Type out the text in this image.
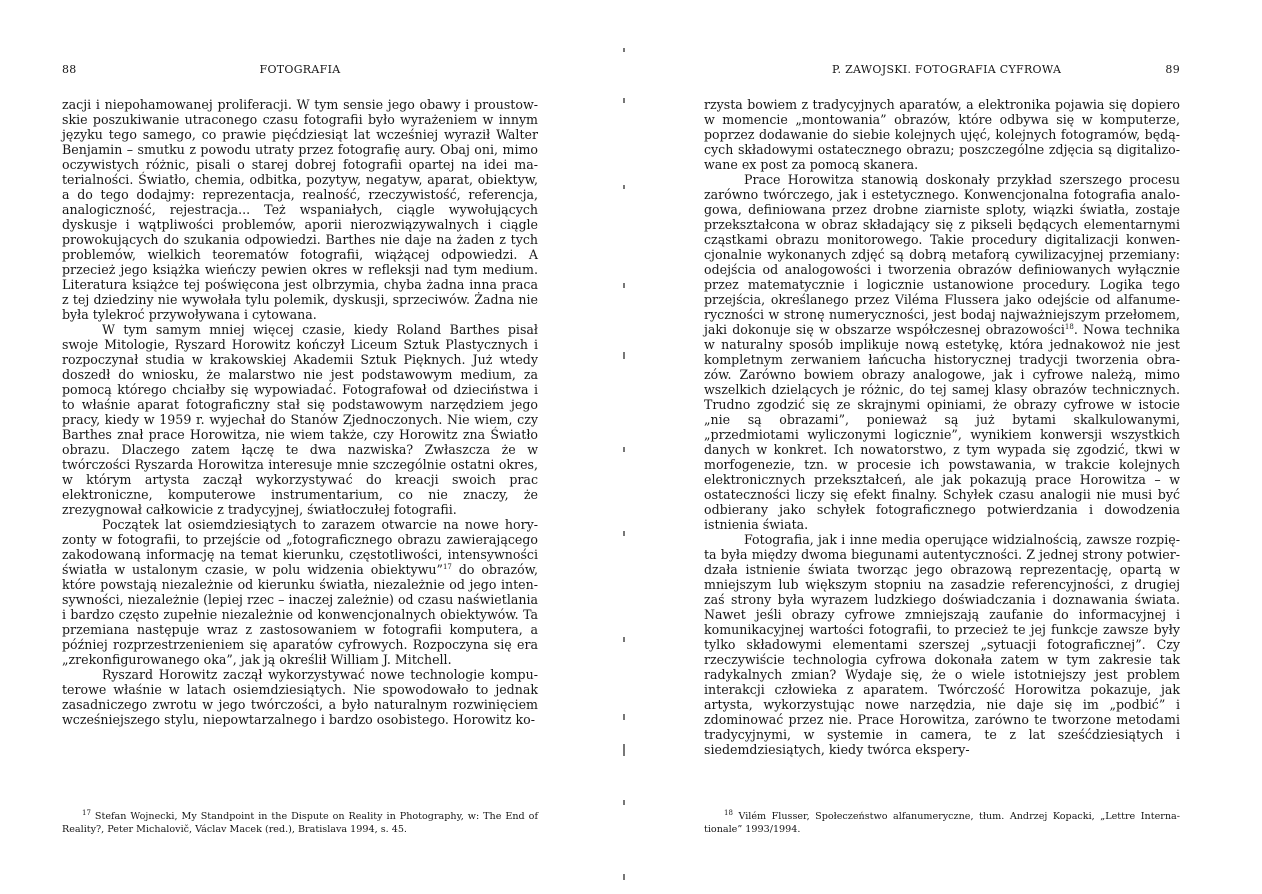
88	FOTOGRAFIA

zacji i niepohamowanej proliferacji. W tym sensie jego obawy i proustowskie poszukiwanie utraconego czasu fotografii było wyrażeniem w innym języku tego samego, co prawie pięćdziesiąt lat wcześniej wyraził Walter Benjamin – smutku z powodu utraty przez fotografię aury. Obaj oni, mimo oczywistych różnic, pisali o starej dobrej fotografii opartej na idei materialności. Światło, chemia, odbitka, pozytyw, negatyw, aparat, obiektyw, a do tego dodajmy: reprezentacja, realność, rzeczywistość, referencja, analogiczność, rejestracja... Też wspaniałych, ciągle wywołujących dyskusje i wątpliwości problemów, aporii nierozwiązywalnych i ciągle prowokujących do szukania odpowiedzi. Barthes nie daje na żaden z tych problemów, wielkich teorematów fotografii, wiążącej odpowiedzi. A przecież jego książka wieńczy pewien okres w refleksji nad tym medium. Literatura książce tej poświęcona jest olbrzymia, chyba żadna inna praca z tej dziedziny nie wywołała tylu polemik, dyskusji, sprzeciwów. Żadna nie była tylekroć przywoływana i cytowana.

W tym samym mniej więcej czasie, kiedy Roland Barthes pisał swoje Mitologie, Ryszard Horowitz kończył Liceum Sztuk Plastycznych i rozpoczynał studia w krakowskiej Akademii Sztuk Pięknych. Już wtedy doszedł do wniosku, że malarstwo nie jest podstawowym medium, za pomocą którego chciałby się wypowiadać. Fotografował od dzieciństwa i to właśnie aparat fotograficzny stał się podstawowym narzędziem jego pracy, kiedy w 1959 r. wyjechał do Stanów Zjednoczonych. Nie wiem, czy Barthes znał prace Horowitza, nie wiem także, czy Horowitz zna Światło obrazu. Dlaczego zatem łączę te dwa nazwiska? Zwłaszcza że w twórczości Ryszarda Horowitza interesuje mnie szczególnie ostatni okres, w którym artysta zaczął wykorzystywać do kreacji swoich prac elektroniczne, komputerowe instrumentarium, co nie znaczy, że zrezygnował całkowicie z tradycyjnej, światłoczułej fotografii.

Początek lat osiemdziesiątych to zarazem otwarcie na nowe horyzonty w fotografii, to przejście od „fotograficznego obrazu zawierającego zakodowaną informację na temat kierunku, częstotliwości, intensywności światła w ustalonym czasie, w polu widzenia obiektywu”$^{17}$ do obrazów, które powstają niezależnie od kierunku światła, niezależnie od jego intensywności, niezależnie (lepiej rzec – inaczej zależnie) od czasu naświetlania i bardzo często zupełnie niezależnie od konwencjonalnych obiektywów. Ta przemiana następuje wraz z zastosowaniem w fotografii komputera, a później rozprzestrzenieniem się aparatów cyfrowych. Rozpoczyna się era „zrekonfigurowanego oka”, jak ją określił William J. Mitchell.

Ryszard Horowitz zaczął wykorzystywać nowe technologie komputerowe właśnie w latach osiemdziesiątych. Nie spowodowało to jednak zasadniczego zwrotu w jego twórczości, a było naturalnym rozwinięciem wcześniejszego stylu, niepowtarzalnego i bardzo osobistego. Horowitz ko-

$^{17}$ Stefan Wojnecki, My Standpoint in the Dispute on Reality in Photography, w: The End of Reality?, Peter Michalovič, Václav Macek (red.), Bratislava 1994, s. 45.

P. ZAWOJSKI. FOTOGRAFIA CYFROWA	89

rzysta bowiem z tradycyjnych aparatów, a elektronika pojawia się dopiero w momencie „montowania” obrazów, które odbywa się w komputerze, poprzez dodawanie do siebie kolejnych ujęć, kolejnych fotogramów, będących składowymi ostatecznego obrazu; poszczególne zdjęcia są digitalizowane ex post za pomocą skanera.

Prace Horowitza stanowią doskonały przykład szerszego procesu zarówno twórczego, jak i estetycznego. Konwencjonalna fotografia analogowa, definiowana przez drobne ziarniste sploty, wiązki światła, zostaje przekształcona w obraz składający się z pikseli będących elementarnymi cząstkami obrazu monitorowego. Takie procedury digitalizacji konwencjonalnie wykonanych zdjęć są dobrą metaforą cywilizacyjnej przemiany: odejścia od analogowości i tworzenia obrazów definiowanych wyłącznie przez matematycznie i logicznie ustanowione procedury. Logika tego przejścia, określanego przez Viléma Flussera jako odejście od alfanumeryczności w stronę numeryczności, jest bodaj najważniejszym przełomem, jaki dokonuje się w obszarze współczesnej obrazowości$^{18}$. Nowa technika w naturalny sposób implikuje nową estetykę, która jednakowoż nie jest kompletnym zerwaniem łańcucha historycznej tradycji tworzenia obrazów. Zarówno bowiem obrazy analogowe, jak i cyfrowe należą, mimo wszelkich dzielących je różnic, do tej samej klasy obrazów technicznych. Trudno zgodzić się ze skrajnymi opiniami, że obrazy cyfrowe w istocie „nie są obrazami”, ponieważ są już bytami skalkulowanymi, „przedmiotami wyliczonymi logicznie”, wynikiem konwersji wszystkich danych w konkret. Ich nowatorstwo, z tym wypada się zgodzić, tkwi w morfogenezie, tzn. w procesie ich powstawania, w trakcie kolejnych elektronicznych przekształceń, ale jak pokazują prace Horowitza – w ostateczności liczy się efekt finalny. Schyłek czasu analogii nie musi być odbierany jako schyłek fotograficznego potwierdzania i dowodzenia istnienia świata.

Fotografia, jak i inne media operujące widzialnością, zawsze rozpięta była między dwoma biegunami autentyczności. Z jednej strony potwierdzała istnienie świata tworząc jego obrazową reprezentację, opartą w mniejszym lub większym stopniu na zasadzie referencyjności, z drugiej zaś strony była wyrazem ludzkiego doświadczania i doznawania świata. Nawet jeśli obrazy cyfrowe zmniejszają zaufanie do informacyjnej i komunikacyjnej wartości fotografii, to przecież te jej funkcje zawsze były tylko składowymi elementami szerszej „sytuacji fotograficznej”. Czy rzeczywiście technologia cyfrowa dokonała zatem w tym zakresie tak radykalnych zmian? Wydaje się, że o wiele istotniejszy jest problem interakcji człowieka z aparatem. Twórczość Horowitza pokazuje, jak artysta, wykorzystując nowe narzędzia, nie daje się im „podbić” i zdominować przez nie. Prace Horowitza, zarówno te tworzone metodami tradycyjnymi, w systemie in camera, te z lat sześćdziesiątych i siedemdziesiątych, kiedy twórca ekspery-

$^{18}$ Vilém Flusser, Społeczeństwo alfanumeryczne, tłum. Andrzej Kopacki, „Lettre Internationale” 1993/1994.
